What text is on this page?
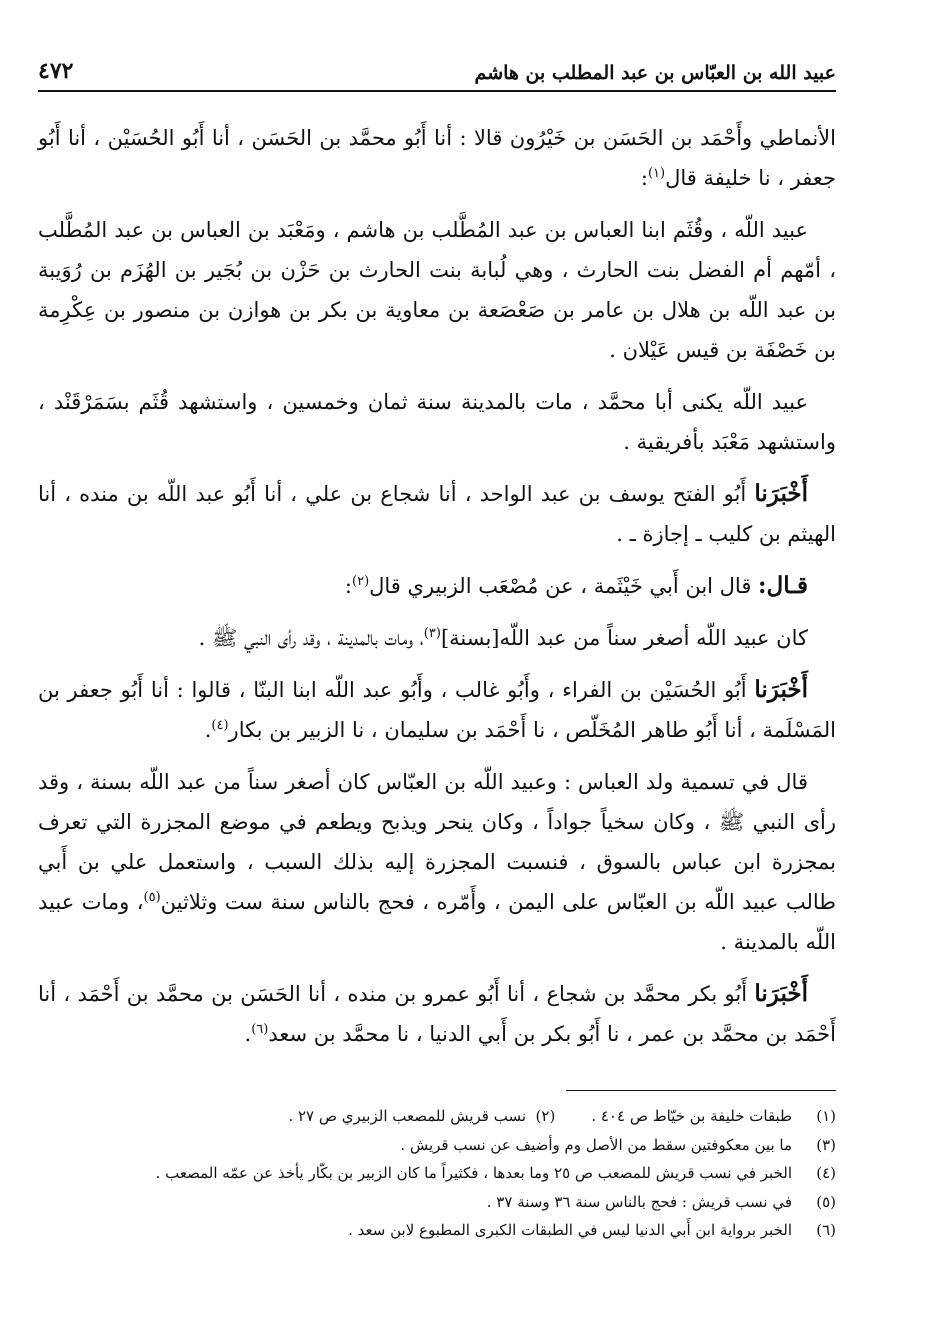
عبيد الله بن العبّاس بن عبد المطلب بن هاشم
٤٧٢

الأنماطي وأَحْمَد بن الحَسَن بن خَيْرُون قالا : أنا أَبُو محمَّد بن الحَسَن ، أنا أَبُو الحُسَيْن ، أنا أَبُو جعفر ، نا خليفة قال$^{(١)}$:

عبيد اللّه ، وقُثَم ابنا العباس بن عبد المُطَّلب بن هاشم ، ومَعْبَد بن العباس بن عبد المُطَّلب ، أمّهم أم الفضل بنت الحارث ، وهي لُبابة بنت الحارث بن حَزْن بن بُجَير بن الهُزَم بن رُوَيبة بن عبد اللّه بن هلال بن عامر بن صَعْصَعة بن معاوية بن بكر بن هوازن بن منصور بن عِكْرِمة بن خَصْفَة بن قيس عَيْلان .

عبيد اللّه يكنى أبا محمَّد ، مات بالمدينة سنة ثمان وخمسين ، واستشهد قُثَم بسَمَرْقَنْد ، واستشهد مَعْبَد بأفريقية .

أَخْبَرَنا أَبُو الفتح يوسف بن عبد الواحد ، أنا شجاع بن علي ، أنا أَبُو عبد اللّه بن منده ، أنا الهيثم بن كليب ـ إجازة ـ .

قـال: قال ابن أَبي خَيْثَمة ، عن مُصْعَب الزبيري قال$^{(٢)}$:

كان عبيد اللّه أصغر سناً من عبد اللّه[بسنة]$^{(٣)}$، ومات بالمدينة ، وقد رأى النبي ﷺ .

أَخْبَرَنا أَبُو الحُسَيْن بن الفراء ، وأَبُو غالب ، وأَبُو عبد اللّه ابنا البنّا ، قالوا : أنا أَبُو جعفر بن المَسْلَمة ، أنا أَبُو طاهر المُخَلّص ، نا أَحْمَد بن سليمان ، نا الزبير بن بكار$^{(٤)}$.

قال في تسمية ولد العباس : وعبيد اللّه بن العبّاس كان أصغر سناً من عبد اللّه بسنة ، وقد رأى النبي ﷺ ، وكان سخياً جواداً ، وكان ينحر ويذبح ويطعم في موضع المجزرة التي تعرف بمجزرة ابن عباس بالسوق ، فنسبت المجزرة إليه بذلك السبب ، واستعمل علي بن أَبي طالب عبيد اللّه بن العبّاس على اليمن ، وأَمّره ، فحج بالناس سنة ست وثلاثين$^{(٥)}$، ومات عبيد اللّه بالمدينة .

أَخْبَرَنا أَبُو بكر محمَّد بن شجاع ، أنا أَبُو عمرو بن منده ، أنا الحَسَن بن محمَّد بن أَحْمَد ، أنا أَحْمَد بن محمَّد بن عمر ، نا أَبُو بكر بن أَبي الدنيا ، نا محمَّد بن سعد$^{(٦)}$.

(١)
طبقات خليفة بن خيّاط ص ٤٠٤ .
(٢)

نسب قريش للمصعب الزبيري ص ٢٧ .
(٣)
ما بين معكوفتين سقط من الأصل وم وأضيف عن نسب قريش .
(٤)
الخبر في نسب قريش للمصعب ص ٢٥ وما بعدها ، فكثيراً ما كان الزبير بن بكّار يأخذ عن عمّه المصعب .
(٥)
في نسب قريش : فحج بالناس سنة ٣٦ وسنة ٣٧ .
(٦)
الخبر برواية ابن أَبي الدنيا ليس في الطبقات الكبرى المطبوع لابن سعد .
